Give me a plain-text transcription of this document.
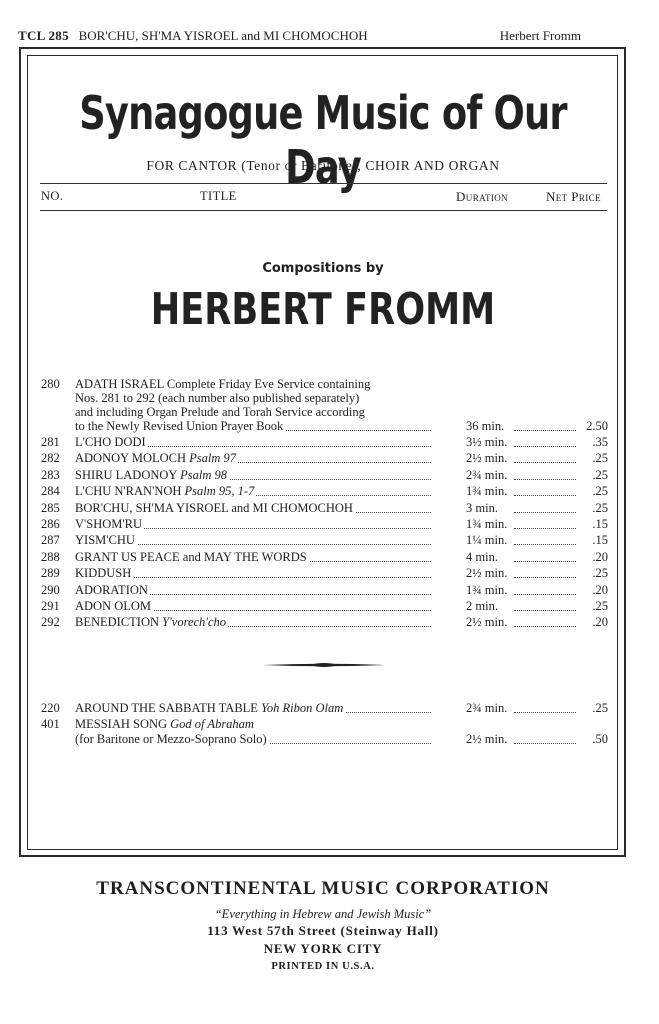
TCL 285 BOR'CHU, SH'MA YISROEL and MI CHOMOCHOH	Herbert Fromm
Synagogue Music of Our Day
FOR CANTOR (Tenor or Baritone), CHOIR AND ORGAN
NO.	TITLE	Duration	Net Price
Compositions by
HERBERT FROMM
280	ADATH ISRAEL Complete Friday Eve Service containing
Nos. 281 to 292 (each number also published separately)
and including Organ Prelude and Torah Service according
to the Newly Revised Union Prayer Book	36 min.	2.50
281	L'CHO DODI	3½ min.	.35
282	ADONOY MOLOCH Psalm 97	2½ min.	.25
283	SHIRU LADONOY Psalm 98	2¾ min.	.25
284	L'CHU N'RAN'NOH Psalm 95, 1-7	1¾ min.	.25
285	BOR'CHU, SH'MA YISROEL and MI CHOMOCHOH	3 min.	.25
286	V'SHOM'RU	1¾ min.	.15
287	YISM'CHU	1¼ min.	.15
288	GRANT US PEACE and MAY THE WORDS	4 min.	.20
289	KIDDUSH	2½ min.	.25
290	ADORATION	1¾ min.	.20
291	ADON OLOM	2 min.	.25
292	BENEDICTION Y'vorech'cho	2½ min.	.20
220	AROUND THE SABBATH TABLE Yoh Ribon Olam	2¾ min.	.25
401	MESSIAH SONG God of Abraham
(for Baritone or Mezzo-Soprano Solo)	2½ min.	.50
TRANSCONTINENTAL MUSIC CORPORATION
“Everything in Hebrew and Jewish Music”
113 West 57th Street (Steinway Hall)
NEW YORK CITY
PRINTED IN U.S.A.
